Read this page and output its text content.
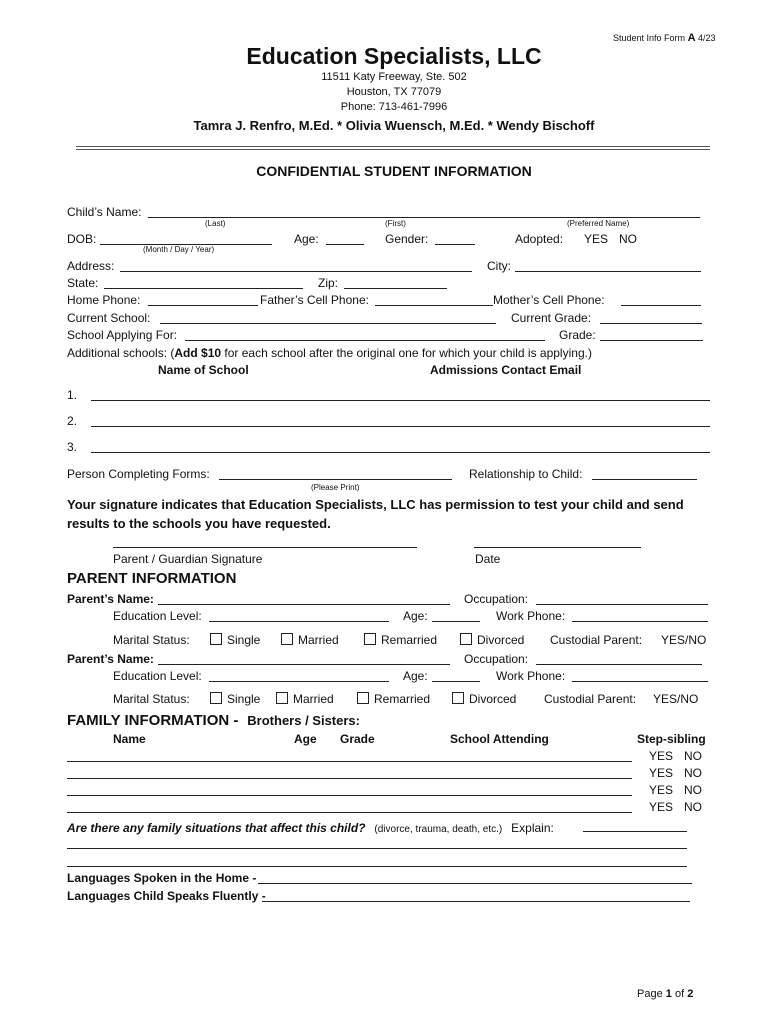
Student Info Form A 4/23
Education Specialists, LLC
11511 Katy Freeway, Ste. 502
Houston, TX 77079
Phone: 713-461-7996
Tamra J. Renfro, M.Ed. * Olivia Wuensch, M.Ed. * Wendy Bischoff
CONFIDENTIAL STUDENT INFORMATION
Child’s Name:
(Last)	(First)	(Preferred Name)
DOB:
(Month / Day / Year)
Age:	Gender:	Adopted: YES NO
Address:	City:
State:	Zip:
Home Phone:	Father’s Cell Phone:	Mother’s Cell Phone:
Current School:	Current Grade:
School Applying For:	Grade:
Additional schools: (Add $10 for each school after the original one for which your child is applying.)
Name of School	Admissions Contact Email
1.
2.
3.
Person Completing Forms:
(Please Print)
Relationship to Child:
Your signature indicates that Education Specialists, LLC has permission to test your child and send
results to the schools you have requested.
Parent / Guardian Signature	Date
PARENT INFORMATION
Parent’s Name:	Occupation:
Education Level:	Age:	Work Phone:
Marital Status:	Single	Married	Remarried	Divorced Custodial Parent: YES/NO
Parent’s Name:	Occupation:
Education Level:	Age:	Work Phone:
Marital Status:	Single	Married	Remarried	Divorced Custodial Parent: YES/NO
FAMILY INFORMATION - Brothers / Sisters:
Name	Age Grade	School Attending	Step-sibling
YES NO
YES NO
YES NO
YES NO
Are there any family situations that affect this child? (divorce, trauma, death, etc.) Explain:
Languages Spoken in the Home -
Languages Child Speaks Fluently -
Page 1 of 2
